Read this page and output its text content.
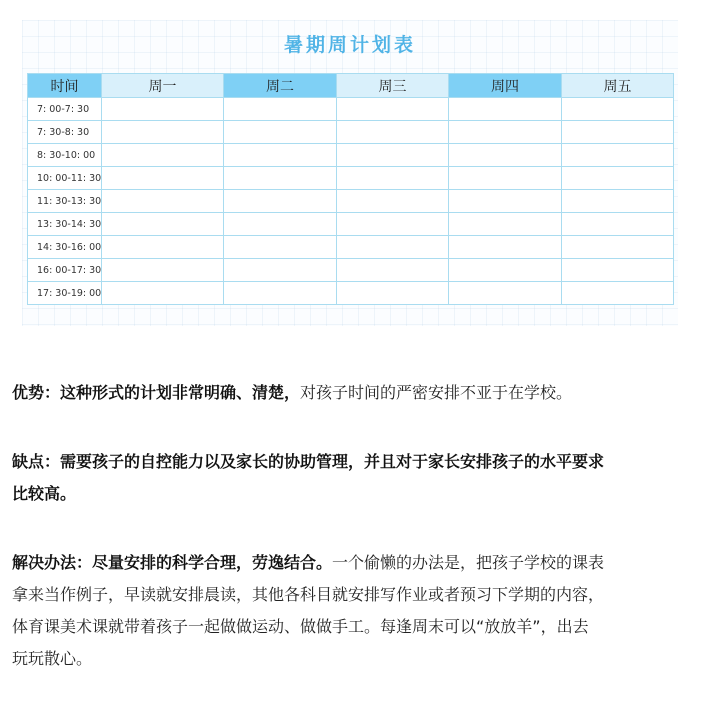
暑期周计划表
时间	周一	周二	周三	周四	周五
7: 00-7: 30					
7: 30-8: 30					
8: 30-10: 00					
10: 00-11: 30					
11: 30-13: 30					
13: 30-14: 30					
14: 30-16: 00					
16: 00-17: 30					
17: 30-19: 00					

优势：这种形式的计划非常明确、清楚，对孩子时间的严密安排不亚于在学校。

缺点：需要孩子的自控能力以及家长的协助管理，并且对于家长安排孩子的水平要求
比较高。

解决办法：尽量安排的科学合理，劳逸结合。一个偷懒的办法是，把孩子学校的课表
拿来当作例子，早读就安排晨读，其他各科目就安排写作业或者预习下学期的内容，
体育课美术课就带着孩子一起做做运动、做做手工。每逢周末可以“放放羊”，出去
玩玩散心。
